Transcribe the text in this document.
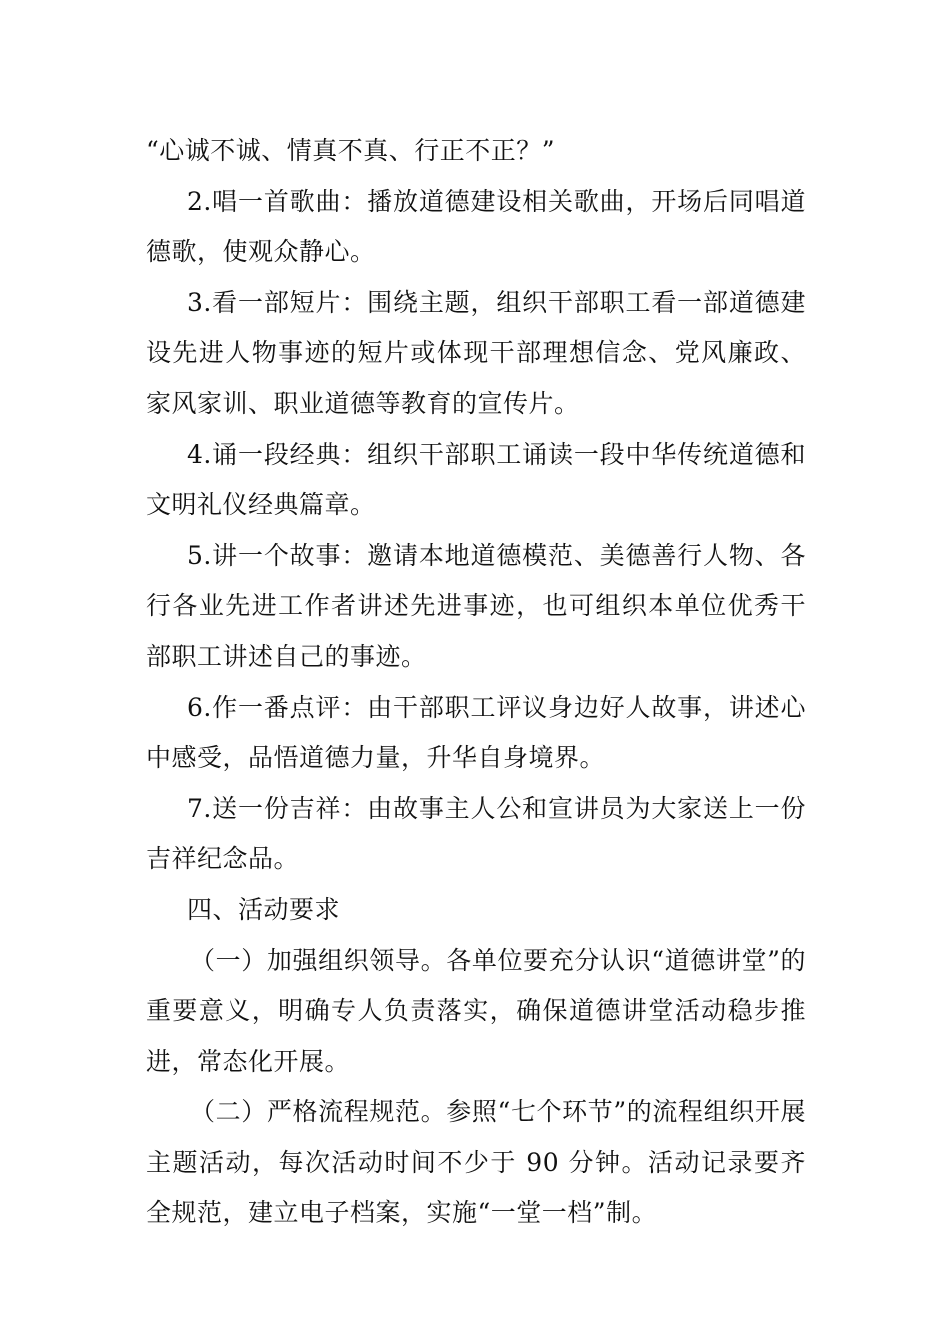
“心诚不诚、情真不真、行正不正？”

2.唱一首歌曲：播放道德建设相关歌曲，开场后同唱道德歌，使观众静心。

3.看一部短片：围绕主题，组织干部职工看一部道德建设先进人物事迹的短片或体现干部理想信念、党风廉政、家风家训、职业道德等教育的宣传片。

4.诵一段经典：组织干部职工诵读一段中华传统道德和文明礼仪经典篇章。

5.讲一个故事：邀请本地道德模范、美德善行人物、各行各业先进工作者讲述先进事迹，也可组织本单位优秀干部职工讲述自己的事迹。

6.作一番点评：由干部职工评议身边好人故事，讲述心中感受，品悟道德力量，升华自身境界。

7.送一份吉祥：由故事主人公和宣讲员为大家送上一份吉祥纪念品。

四、活动要求

（一）加强组织领导。各单位要充分认识“道德讲堂”的重要意义，明确专人负责落实，确保道德讲堂活动稳步推进，常态化开展。

（二）严格流程规范。参照“七个环节”的流程组织开展主题活动，每次活动时间不少于 90 分钟。活动记录要齐全规范，建立电子档案，实施“一堂一档”制。
